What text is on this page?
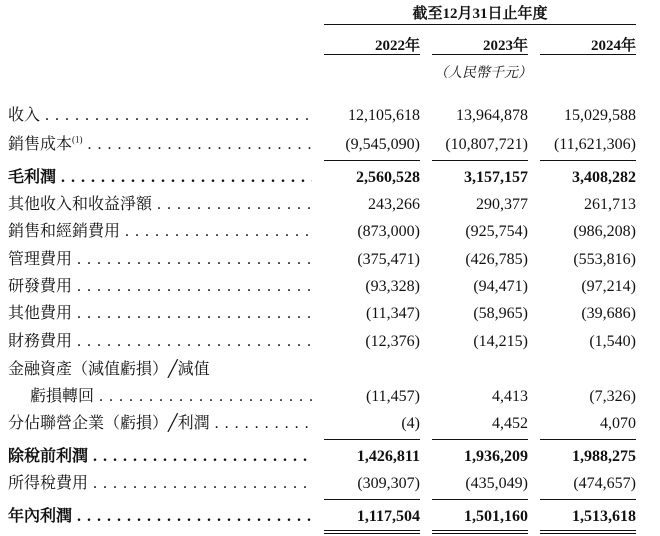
截至12月31日止年度
2022年	2023年	2024年
（人民幣千元）
收入 . . .	12,105,618	13,964,878	15,029,588
銷售成本$^{(1)}$ . . .	(9,545,090)	(10,807,721)	(11,621,306)
毛利潤 . . .	2,560,528	3,157,157	3,408,282
其他收入和收益淨額 . . .	243,266	290,377	261,713
銷售和經銷費用 . . .	(873,000)	(925,754)	(986,208)
管理費用 . . .	(375,471)	(426,785)	(553,816)
研發費用 . . .	(93,328)	(94,471)	(97,214)
其他費用 . . .	(11,347)	(58,965)	(39,686)
財務費用 . . .	(12,376)	(14,215)	(1,540)
金融資產（減值虧損）╱減值
虧損轉回 . . .	(11,457)	4,413	(7,326)
分佔聯營企業（虧損）╱利潤 . . .	(4)	4,452	4,070
除稅前利潤 . . .	1,426,811	1,936,209	1,988,275
所得稅費用 . . .	(309,307)	(435,049)	(474,657)
年內利潤 . . .	1,117,504	1,501,160	1,513,618
